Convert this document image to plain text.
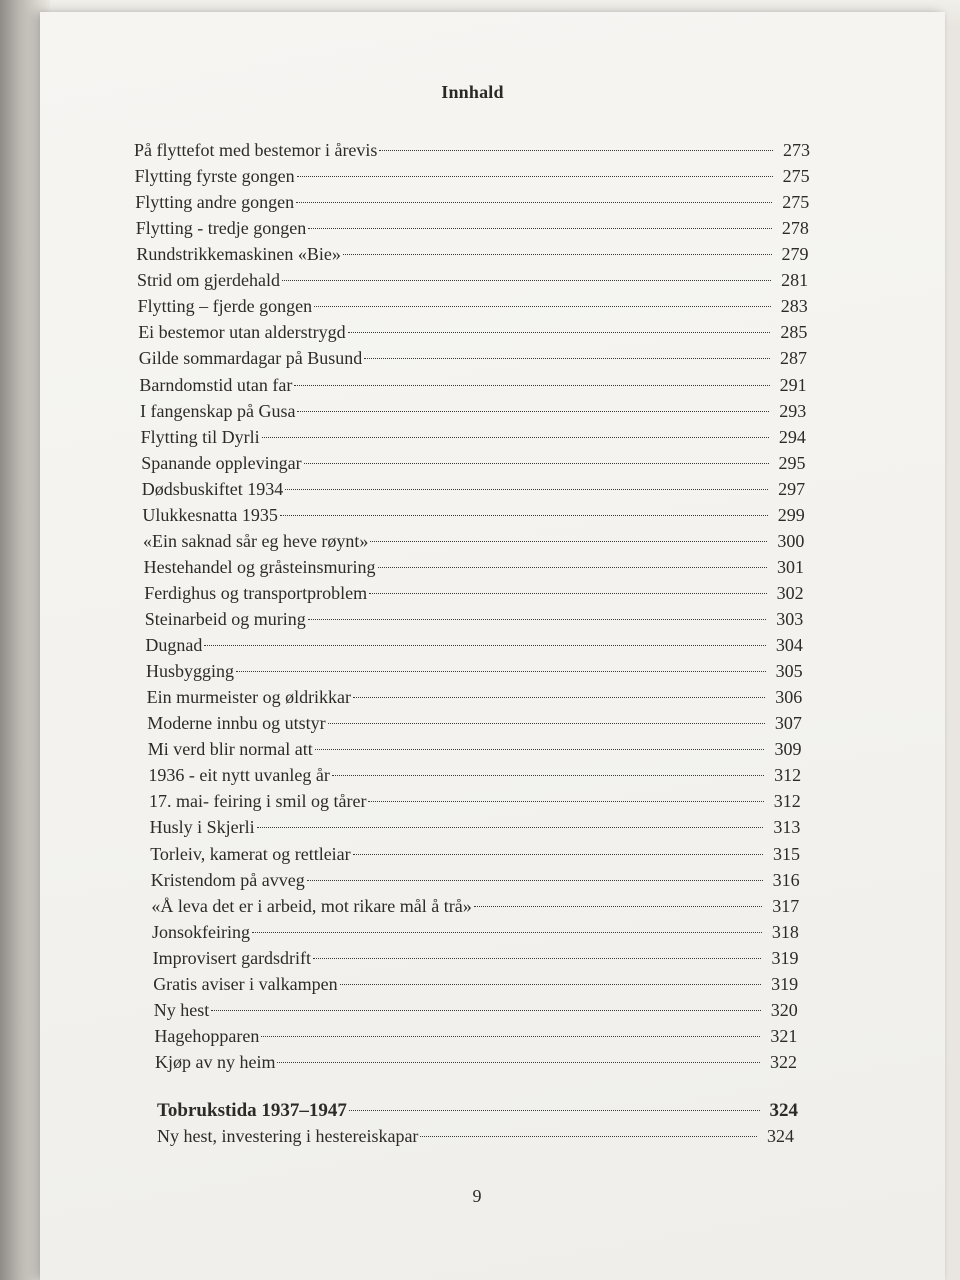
Innhald
På flyttefot med bestemor i årevis	273
Flytting fyrste gongen	275
Flytting andre gongen	275
Flytting - tredje gongen	278
Rundstrikkemaskinen «Bie»	279
Strid om gjerdehald	281
Flytting – fjerde gongen	283
Ei bestemor utan alderstrygd	285
Gilde sommardagar på Busund	287
Barndomstid utan far	291
I fangenskap på Gusa	293
Flytting til Dyrli	294
Spanande opplevingar	295
Dødsbuskiftet 1934	297
Ulukkesnatta 1935	299
«Ein saknad sår eg heve røynt»	300
Hestehandel og gråsteinsmuring	301
Ferdighus og transportproblem	302
Steinarbeid og muring	303
Dugnad	304
Husbygging	305
Ein murmeister og øldrikkar	306
Moderne innbu og utstyr	307
Mi verd blir normal att	309
1936 - eit nytt uvanleg år	312
17. mai- feiring i smil og tårer	312
Husly i Skjerli	313
Torleiv, kamerat og rettleiar	315
Kristendom på avveg	316
«Å leva det er i arbeid, mot rikare mål å trå»	317
Jonsokfeiring	318
Improvisert gardsdrift	319
Gratis aviser i valkampen	319
Ny hest	320
Hagehopparen	321
Kjøp av ny heim	322
Tobrukstida 1937–1947	324
Ny hest, investering i hestereiskapar	324
9
